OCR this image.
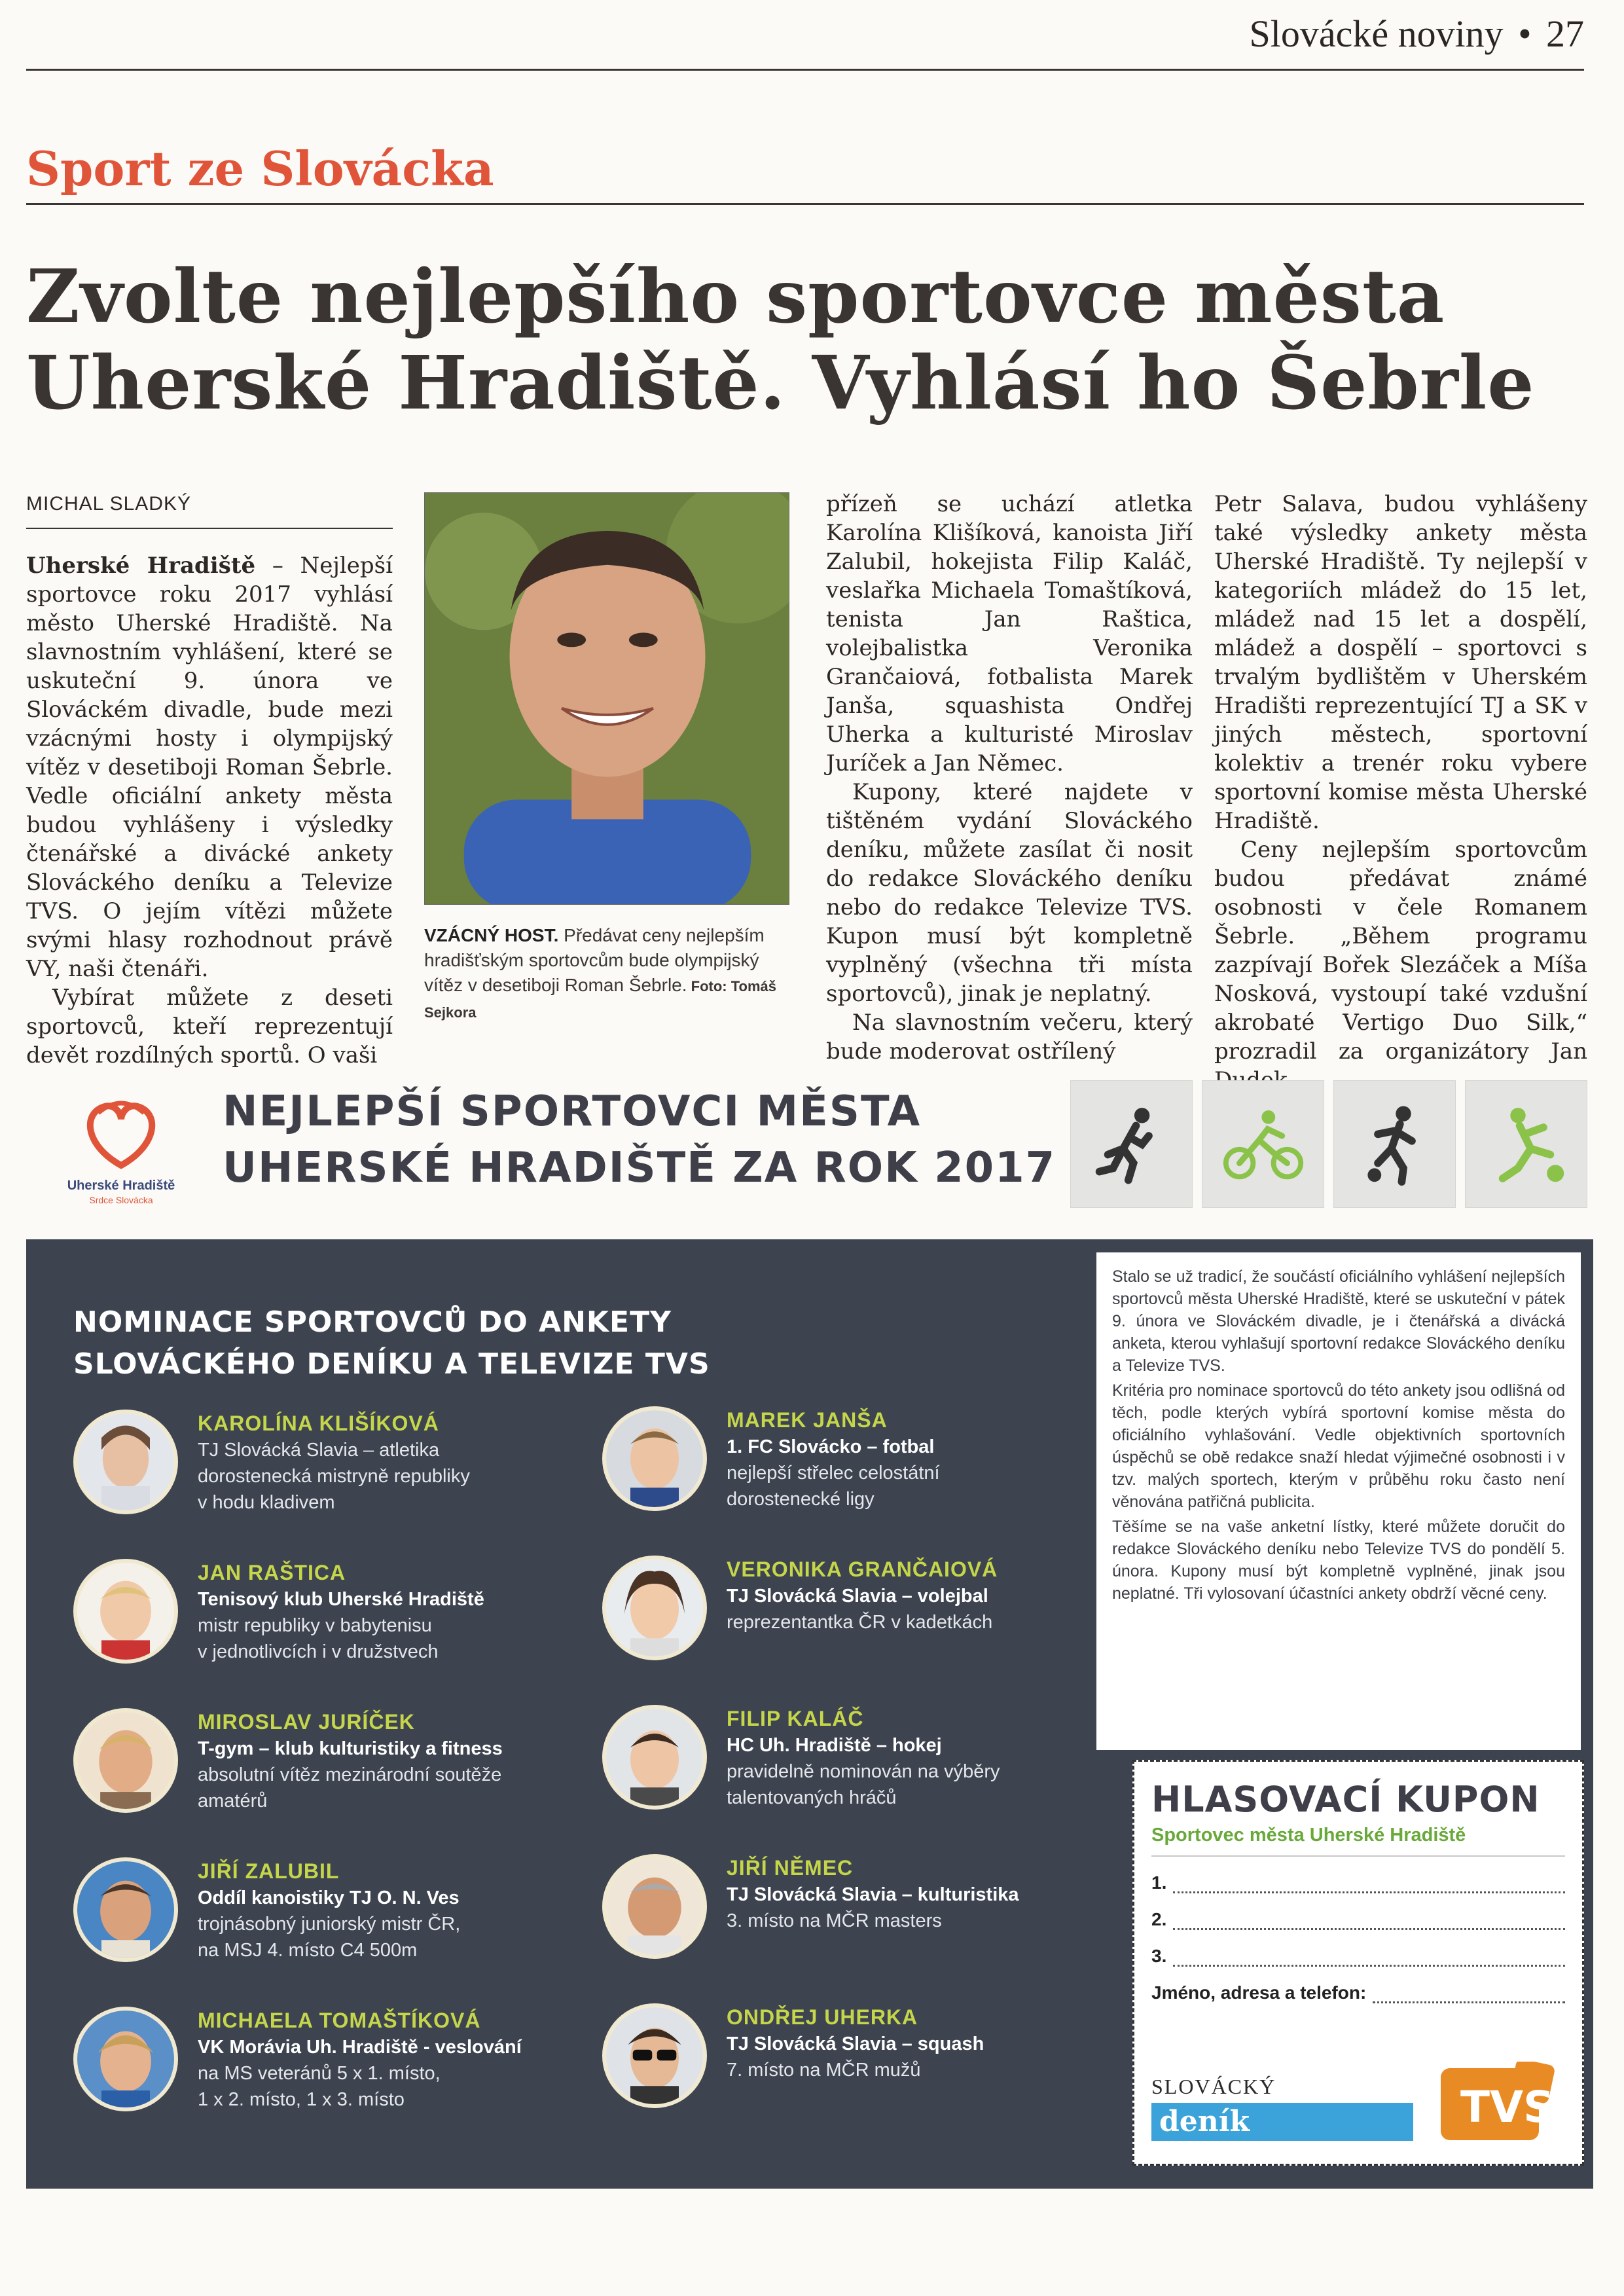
Slovácké noviny • 27
Sport ze Slovácka
Zvolte nejlepšího sportovce města
Uherské Hradiště. Vyhlásí ho Šebrle
MICHAL SLADKÝ

Uherské Hradiště – Nejlepší sportovce roku 2017 vyhlásí město Uherské Hradiště. Na slavnostním vyhlášení, které se uskuteční 9. února ve Slováckém divadle, bude mezi vzácnými hosty i olympijský vítěz v desetiboji Roman Šebrle. Vedle oficiální ankety města budou vyhlášeny i výsledky čtenářské a divácké ankety Slováckého deníku a Televize TVS. O jejím vítězi můžete svými hlasy rozhodnout právě VY, naši čtenáři.

Vybírat můžete z deseti sportovců, kteří reprezentují devět rozdílných sportů. O vaši

VZÁCNÝ HOST. Předávat ceny nejlepším hradišťským sportovcům bude olympijský vítěz v desetiboji Roman Šebrle. Foto: Tomáš Sejkora

přízeň se uchází atletka Karolína Klišíková, kanoista Jiří Zalubil, hokejista Filip Kaláč, veslařka Michaela Tomaštíková, tenista Jan Raštica, volejbalistka Veronika Grančaiová, fotbalista Marek Janša, squashista Ondřej Uherka a kulturisté Miroslav Juríček a Jan Němec.

Kupony, které najdete v tištěném vydání Slováckého deníku, můžete zasílat či nosit do redakce Slováckého deníku nebo do redakce Televize TVS. Kupon musí být kompletně vyplněný (všechna tři místa sportovců), jinak je neplatný.

Na slavnostním večeru, který bude moderovat ostřílený

Petr Salava, budou vyhlášeny také výsledky ankety města Uherské Hradiště. Ty nejlepší v kategoriích mládež do 15 let, mládež nad 15 let a dospělí, mládež a dospělí – sportovci s trvalým bydlištěm v Uherském Hradišti reprezentující TJ a SK v jiných městech, sportovní kolektiv a trenér roku vybere sportovní komise města Uherské Hradiště.

Ceny nejlepším sportovcům budou předávat známé osobnosti v čele Romanem Šebrle. „Během programu zazpívají Bořek Slezáček a Míša Nosková, vystoupí také vzdušní akrobaté Vertigo Duo Silk,“ prozradil za organizátory Jan

Uherské Hradiště
Srdce Slovácka
NEJLEPŠÍ SPORTOVCI MĚSTA
UHERSKÉ HRADIŠTĚ ZA ROK 2017
NOMINACE SPORTOVCŮ DO ANKETY
SLOVÁCKÉHO DENÍKU A TELEVIZE TVS
KAROLÍNA KLIŠÍKOVÁ
TJ Slovácká Slavia – atletika
dorostenecká mistryně republiky
v hodu kladivem
JAN RAŠTICA
Tenisový klub Uherské Hradiště
mistr republiky v babytenisu
v jednotlivcích i v družstvech
MIROSLAV JURÍČEK
T-gym – klub kulturistiky a fitness
absolutní vítěz mezinárodní soutěže
amatérů
JIŘÍ ZALUBIL
Oddíl kanoistiky TJ O. N. Ves
trojnásobný juniorský mistr ČR,
na MSJ 4. místo C4 500m
MICHAELA TOMAŠTÍKOVÁ
VK Morávia Uh. Hradiště - veslování
na MS veteránů 5 x 1. místo,
1 x 2. místo, 1 x 3. místo
MAREK JANŠA
1. FC Slovácko – fotbal
nejlepší střelec celostátní
dorostenecké ligy
VERONIKA GRANČAIOVÁ
TJ Slovácká Slavia – volejbal
reprezentantka ČR v kadetkách
FILIP KALÁČ
HC Uh. Hradiště – hokej
pravidelně nominován na výběry
talentovaných hráčů
JIŘÍ NĚMEC
TJ Slovácká Slavia – kulturistika
3. místo na MČR masters
ONDŘEJ UHERKA
TJ Slovácká Slavia – squash
7. místo na MČR mužů

Stalo se už tradicí, že součástí oficiálního vyhlášení nejlepších sportovců města Uherské Hradiště, které se uskuteční v pátek 9. února ve Slováckém divadle, je i čtenářská a divácká anketa, kterou vyhlašují sportovní redakce Slováckého deníku a Televize TVS.

Kritéria pro nominace sportovců do této ankety jsou odlišná od těch, podle kterých vybírá sportovní komise města do oficiálního vyhlašování. Vedle objektivních sportovních úspěchů se obě redakce snaží hledat výjimečné osobnosti i v tzv. malých sportech, kterým v průběhu roku často není věnována patřičná publicita.

Těšíme se na vaše anketní lístky, které můžete doručit do redakce Slováckého deníku nebo Televize TVS do pondělí 5. února. Kupony musí být kompletně vyplněné, jinak jsou neplatné. Tři vylosovaní účastníci ankety obdrží věcné ceny.

HLASOVACÍ KUPON
Sportovec města Uherské Hradiště
1.
2.
3.
Jméno, adresa a telefon:
SLOVÁCKÝ
deník	TVS
